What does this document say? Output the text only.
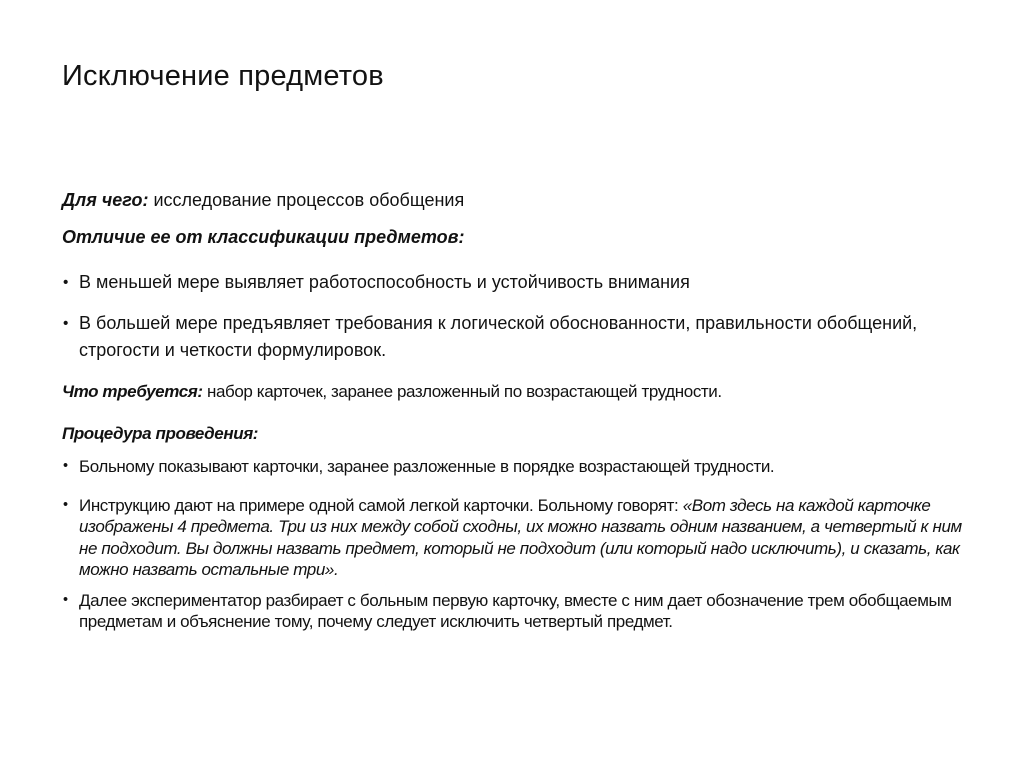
Исключение предметов

Для чего: исследование процессов обобщения

Отличие ее от классификации предметов:

• В меньшей мере выявляет работоспособность и устойчивость внимания
• В большей мере предъявляет требования к логической обоснованности, правильности обобщений, строгости и четкости формулировок.

Что требуется: набор карточек, заранее разложенный по возрастающей трудности.

Процедура проведения:

• Больному показывают карточки, заранее разложенные в порядке возрастающей трудности.
• Инструкцию дают на примере одной самой легкой карточки. Больному говорят: «Вот здесь на каждой карточке изображены 4 предмета. Три из них между собой сходны, их можно назвать одним названием, а четвертый к ним не подходит. Вы должны назвать предмет, который не подходит (или который надо исключить), и сказать, как можно назвать остальные три».
• Далее экспериментатор разбирает с больным первую карточку, вместе с ним дает обозначение трем обобщаемым предметам и объяснение тому, почему следует исключить четвертый предмет.
